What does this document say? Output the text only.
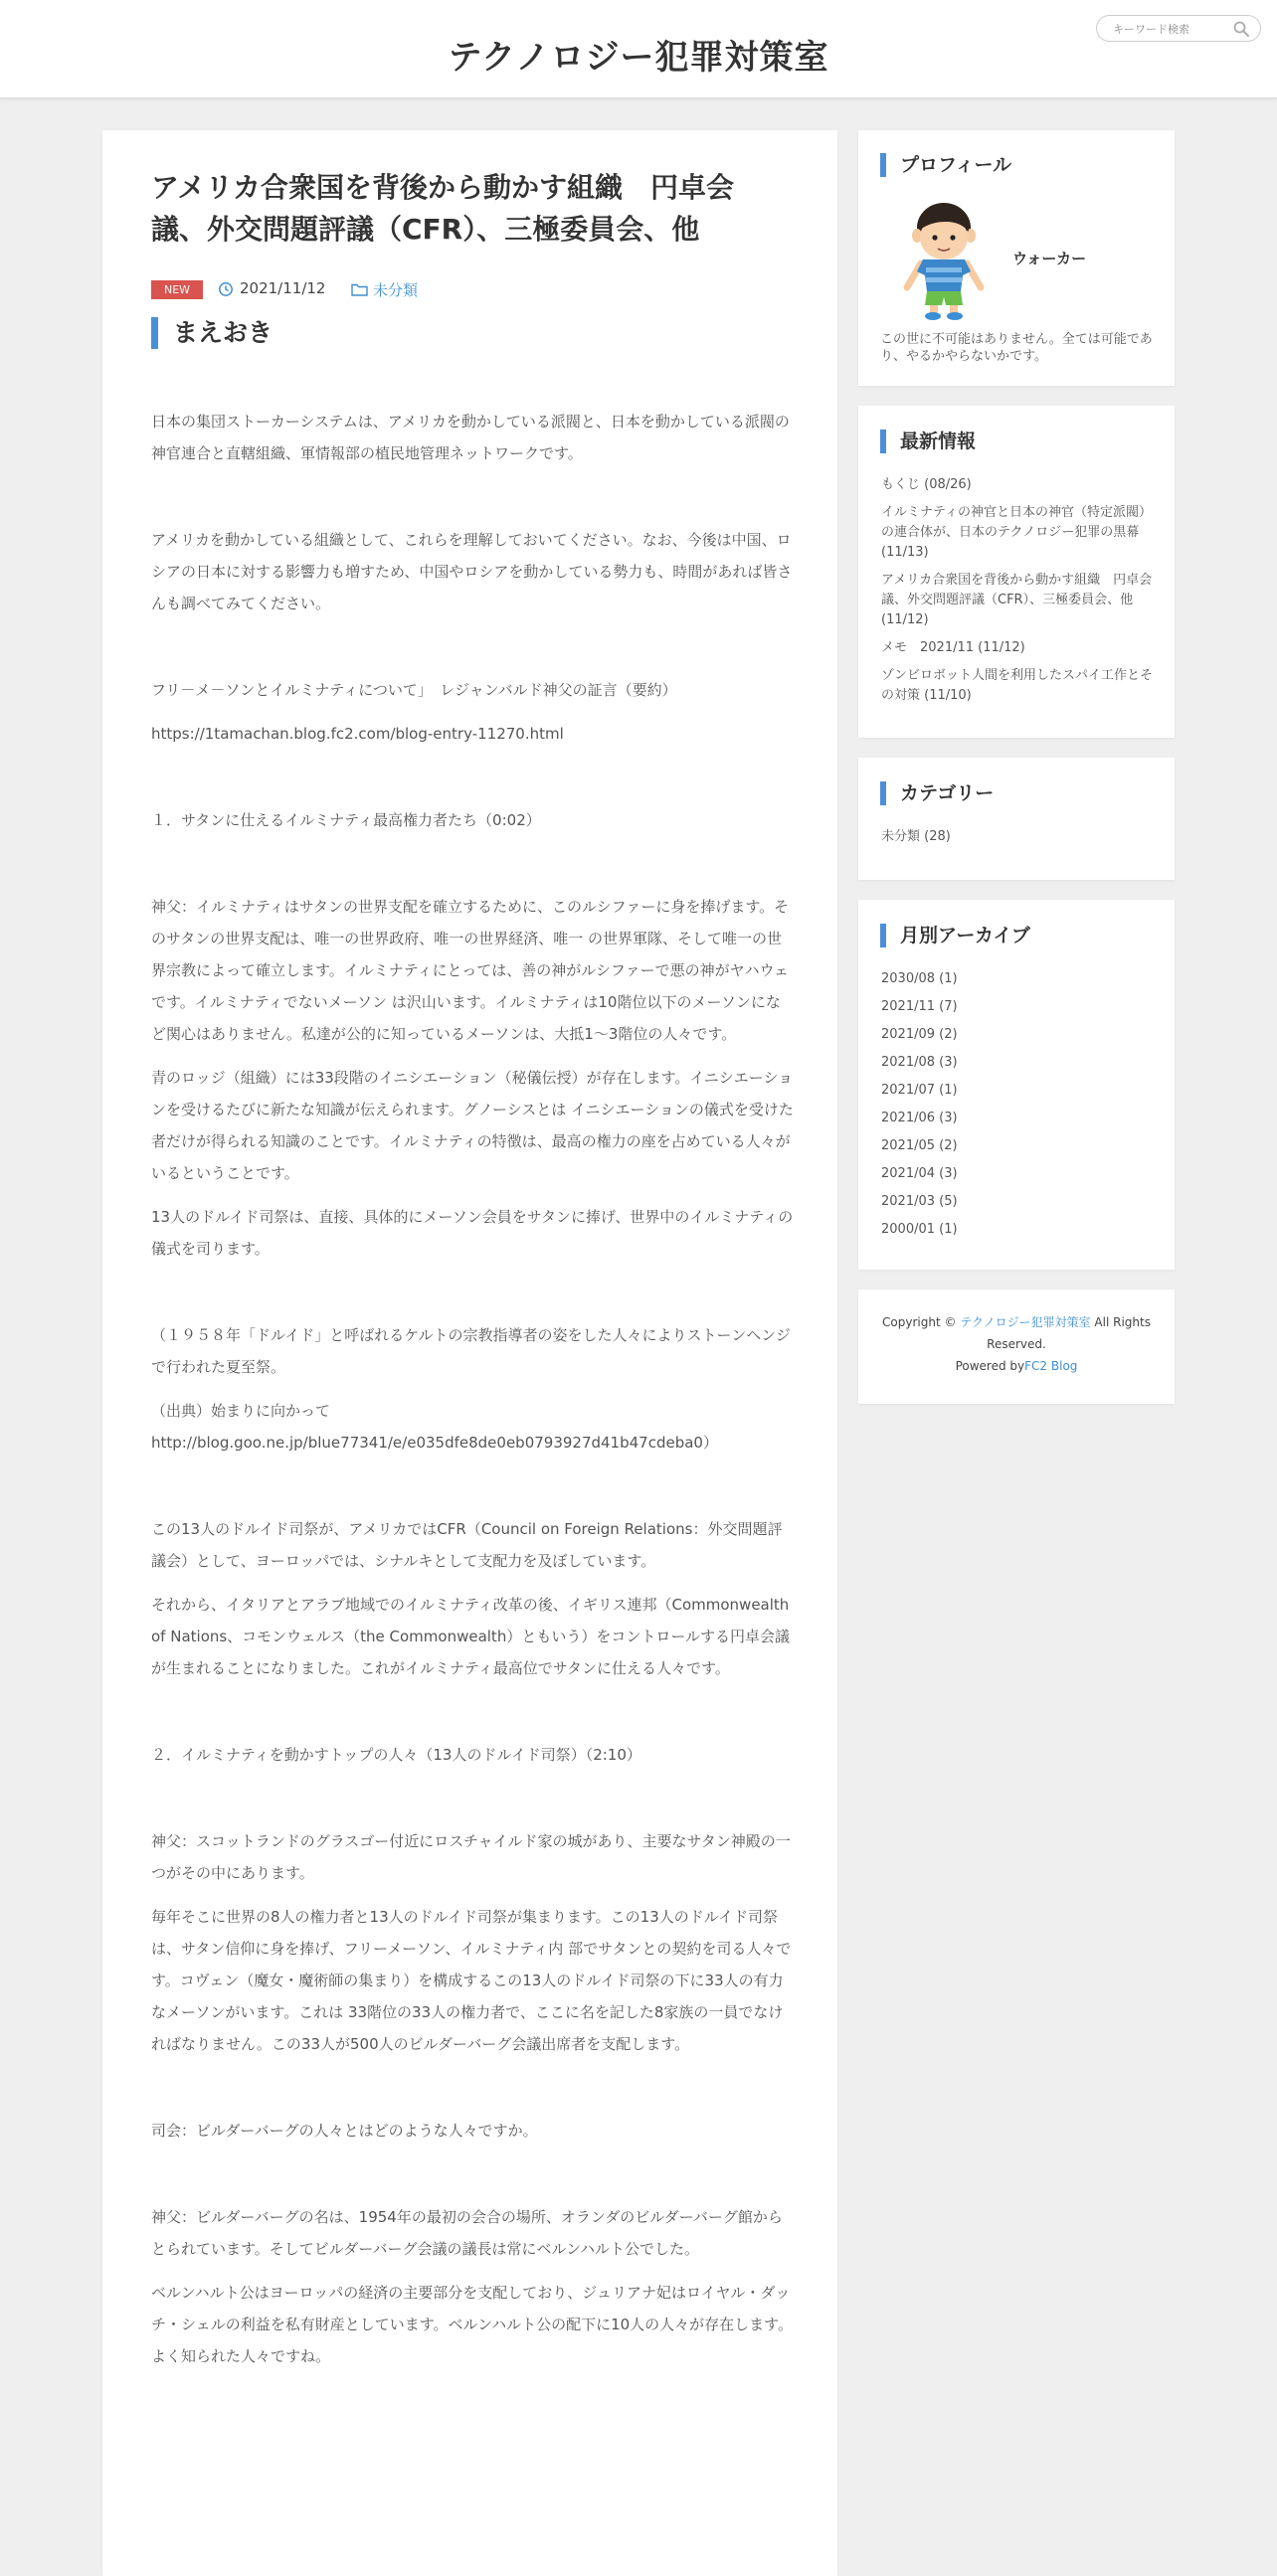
テクノロジー犯罪対策室
キーワード検索
アメリカ合衆国を背後から動かす組織　円卓会議、外交問題評議（CFR）、三極委員会、他
NEW	2021/11/12	未分類
まえおき

日本の集団ストーカーシステムは、アメリカを動かしている派閥と、日本を動かしている派閥の神官連合と直轄組織、軍情報部の植民地管理ネットワークです。

アメリカを動かしている組織として、これらを理解しておいてください。なお、今後は中国、ロシアの日本に対する影響力も増すため、中国やロシアを動かしている勢力も、時間があれば皆さんも調べてみてください。

フリ－メ－ソンとイルミナティについて」　レジャンバルド神父の証言（要約）

https://1tamachan.blog.fc2.com/blog-entry-11270.html

１．サタンに仕えるイルミナティ最高権力者たち（0:02）

神父：イルミナティはサタンの世界支配を確立するために、このルシファーに身を捧げます。そのサタンの世界支配は、唯一の世界政府、唯一の世界経済、唯一 の世界軍隊、そして唯一の世界宗教によって確立します。イルミナティにとっては、善の神がルシファーで悪の神がヤハウェです。イルミナティでないメーソン は沢山います。イルミナティは10階位以下のメーソンになど関心はありません。私達が公的に知っているメーソンは、大抵1～3階位の人々です。

青のロッジ（組織）には33段階のイニシエーション（秘儀伝授）が存在します。イニシエーションを受けるたびに新たな知識が伝えられます。グノーシスとは イニシエーションの儀式を受けた者だけが得られる知識のことです。イルミナティの特徴は、最高の権力の座を占めている人々がいるということです。

13人のドルイド司祭は、直接、具体的にメーソン会員をサタンに捧げ、世界中のイルミナティの儀式を司ります。

（１９５８年「ドルイド」と呼ばれるケルトの宗教指導者の姿をした人々によりストーンヘンジで行われた夏至祭。

（出典）始まりに向かって　http://blog.goo.ne.jp/blue77341/e/e035dfe8de0eb0793927d41b47cdeba0）

この13人のドルイド司祭が、アメリカではCFR（Council on Foreign Relations：外交問題評議会）として、ヨーロッパでは、シナルキとして支配力を及ぼしています。

それから、イタリアとアラブ地域でのイルミナティ改革の後、イギリス連邦（Commonwealth of Nations、コモンウェルス（the Commonwealth）ともいう）をコントロールする円卓会議が生まれることになりました。これがイルミナティ最高位でサタンに仕える人々です。

２．イルミナティを動かすトップの人々（13人のドルイド司祭）（2:10）

神父：スコットランドのグラスゴー付近にロスチャイルド家の城があり、主要なサタン神殿の一つがその中にあります。

毎年そこに世界の8人の権力者と13人のドルイド司祭が集まります。この13人のドルイド司祭は、サタン信仰に身を捧げ、フリーメーソン、イルミナティ内 部でサタンとの契約を司る人々です。コヴェン（魔女・魔術師の集まり）を構成するこの13人のドルイド司祭の下に33人の有力なメーソンがいます。これは 33階位の33人の権力者で、ここに名を記した8家族の一員でなければなりません。この33人が500人のビルダーバーグ会議出席者を支配します。

司会：ビルダーバーグの人々とはどのような人々ですか。

神父：ビルダーバーグの名は、1954年の最初の会合の場所、オランダのビルダーバーグ館からとられています。そしてビルダーバーグ会議の議長は常にベルンハルト公でした。

ベルンハルト公はヨーロッパの経済の主要部分を支配しており、ジュリアナ妃はロイヤル・ダッチ・シェルの利益を私有財産としています。ベルンハルト公の配下に10人の人々が存在します。よく知られた人々ですね。

プロフィール
ウォーカー
この世に不可能はありません。全ては可能であり、やるかやらないかです。
最新情報
もくじ (08/26)
イルミナティの神官と日本の神官（特定派閥）の連合体が、日本のテクノロジー犯罪の黒幕 (11/13)
アメリカ合衆国を背後から動かす組織　円卓会議、外交問題評議（CFR）、三極委員会、他 (11/12)
メモ　2021/11 (11/12)
ゾンビロボット人間を利用したスパイ工作とその対策 (11/10)
カテゴリー
未分類 (28)
月別アーカイブ
2030/08 (1)
2021/11 (7)
2021/09 (2)
2021/08 (3)
2021/07 (1)
2021/06 (3)
2021/05 (2)
2021/04 (3)
2021/03 (5)
2000/01 (1)
Copyright © テクノロジー犯罪対策室 All Rights Reserved.
Powered byFC2 Blog
